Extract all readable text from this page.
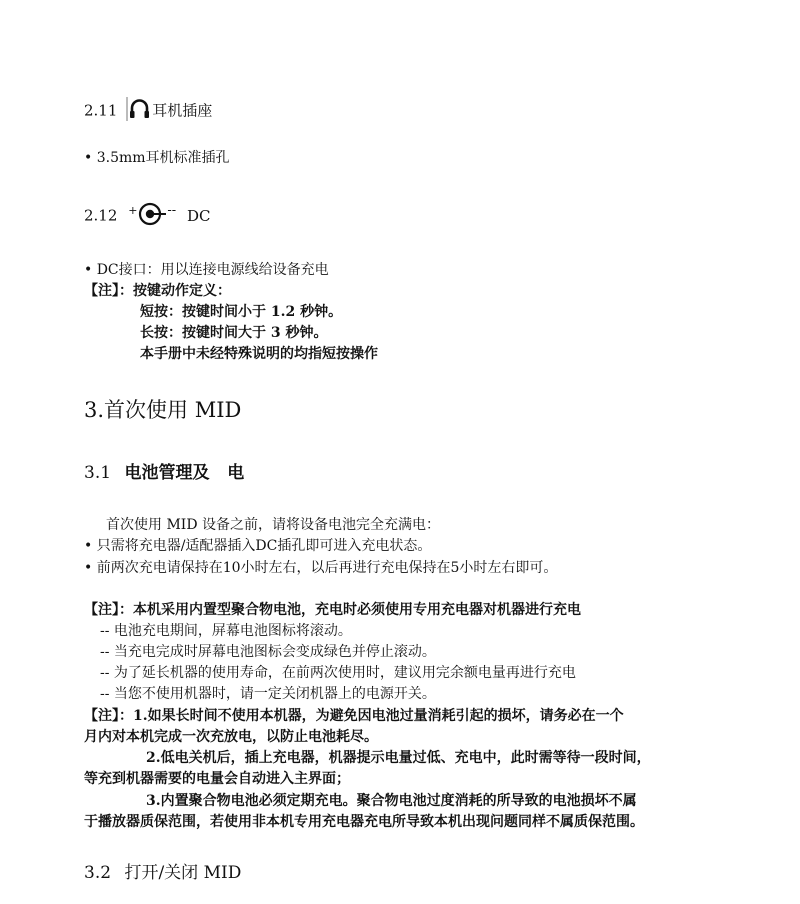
2.11 耳机插座
• 3.5mm耳机标准插孔
2.12 + -- DC
• DC接口：用以连接电源线给设备充电
【注】：按键动作定义：
短按：按键时间小于 1.2 秒钟。
长按：按键时间大于 3 秒钟。
本手册中未经特殊说明的均指短按操作
3.首次使用 MID
3.1 电池管理及   电
首次使用 MID 设备之前，请将设备电池完全充满电：
• 只需将充电器/适配器插入DC插孔即可进入充电状态。
• 前两次充电请保持在10小时左右，以后再进行充电保持在5小时左右即可。
【注】：本机采用内置型聚合物电池，充电时必须使用专用充电器对机器进行充电
-- 电池充电期间，屏幕电池图标将滚动。
-- 当充电完成时屏幕电池图标会变成绿色并停止滚动。
-- 为了延长机器的使用寿命，在前两次使用时，建议用完余额电量再进行充电
-- 当您不使用机器时，请一定关闭机器上的电源开关。
【注】：1.如果长时间不使用本机器，为避免因电池过量消耗引起的损坏，请务必在一个
月内对本机完成一次充放电，以防止电池耗尽。
2.低电关机后，插上充电器，机器提示电量过低、充电中，此时需等待一段时间，
等充到机器需要的电量会自动进入主界面；
3.内置聚合物电池必须定期充电。聚合物电池过度消耗的所导致的电池损坏不属
于播放器质保范围，若使用非本机专用充电器充电所导致本机出现问题同样不属质保范围。
3.2 打开/关闭 MID
